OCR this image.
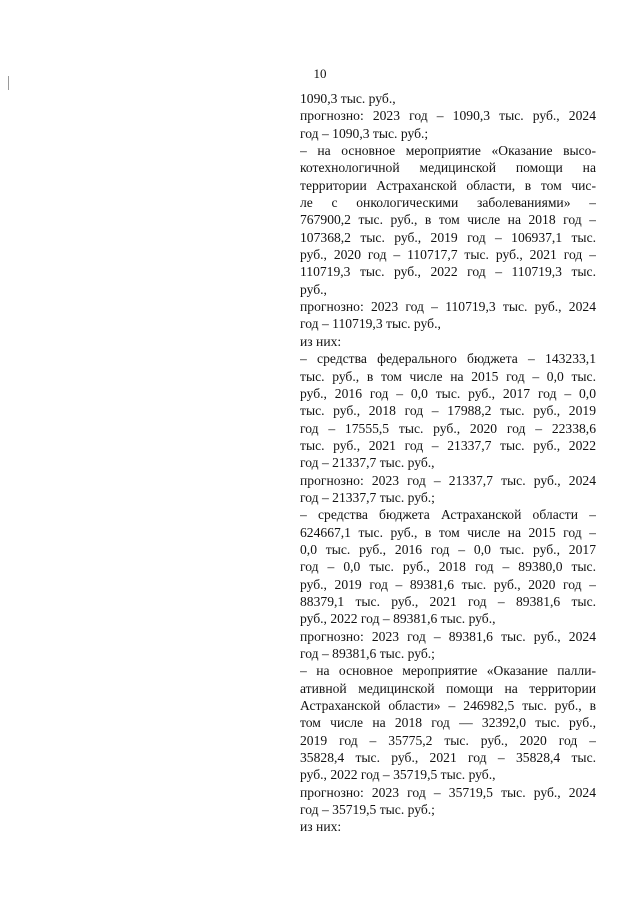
10
1090,3 тыс. руб.,
прогнозно: 2023 год – 1090,3 тыс. руб., 2024
год – 1090,3 тыс. руб.;
– на основное мероприятие «Оказание высо-
котехнологичной медицинской помощи на
территории Астраханской области, в том чис-
ле с онкологическими заболеваниями» –
767900,2 тыс. руб., в том числе на 2018 год –
107368,2 тыс. руб., 2019 год – 106937,1 тыс.
руб., 2020 год – 110717,7 тыс. руб., 2021 год –
110719,3 тыс. руб., 2022 год – 110719,3 тыс.
руб.,
прогнозно: 2023 год – 110719,3 тыс. руб., 2024
год – 110719,3 тыс. руб.,
из них:
– средства федерального бюджета – 143233,1
тыс. руб., в том числе на 2015 год – 0,0 тыс.
руб., 2016 год – 0,0 тыс. руб., 2017 год – 0,0
тыс. руб., 2018 год – 17988,2 тыс. руб., 2019
год – 17555,5 тыс. руб., 2020 год – 22338,6
тыс. руб., 2021 год – 21337,7 тыс. руб., 2022
год – 21337,7 тыс. руб.,
прогнозно: 2023 год – 21337,7 тыс. руб., 2024
год – 21337,7 тыс. руб.;
– средства бюджета Астраханской области –
624667,1 тыс. руб., в том числе на 2015 год –
0,0 тыс. руб., 2016 год – 0,0 тыс. руб., 2017
год – 0,0 тыс. руб., 2018 год – 89380,0 тыс.
руб., 2019 год – 89381,6 тыс. руб., 2020 год –
88379,1 тыс. руб., 2021 год – 89381,6 тыс.
руб., 2022 год – 89381,6 тыс. руб.,
прогнозно: 2023 год – 89381,6 тыс. руб., 2024
год – 89381,6 тыс. руб.;
– на основное мероприятие «Оказание палли-
ативной медицинской помощи на территории
Астраханской области» – 246982,5 тыс. руб., в
том числе на 2018 год — 32392,0 тыс. руб.,
2019 год – 35775,2 тыс. руб., 2020 год –
35828,4 тыс. руб., 2021 год – 35828,4 тыс.
руб., 2022 год – 35719,5 тыс. руб.,
прогнозно: 2023 год – 35719,5 тыс. руб., 2024
год – 35719,5 тыс. руб.;
из них:
